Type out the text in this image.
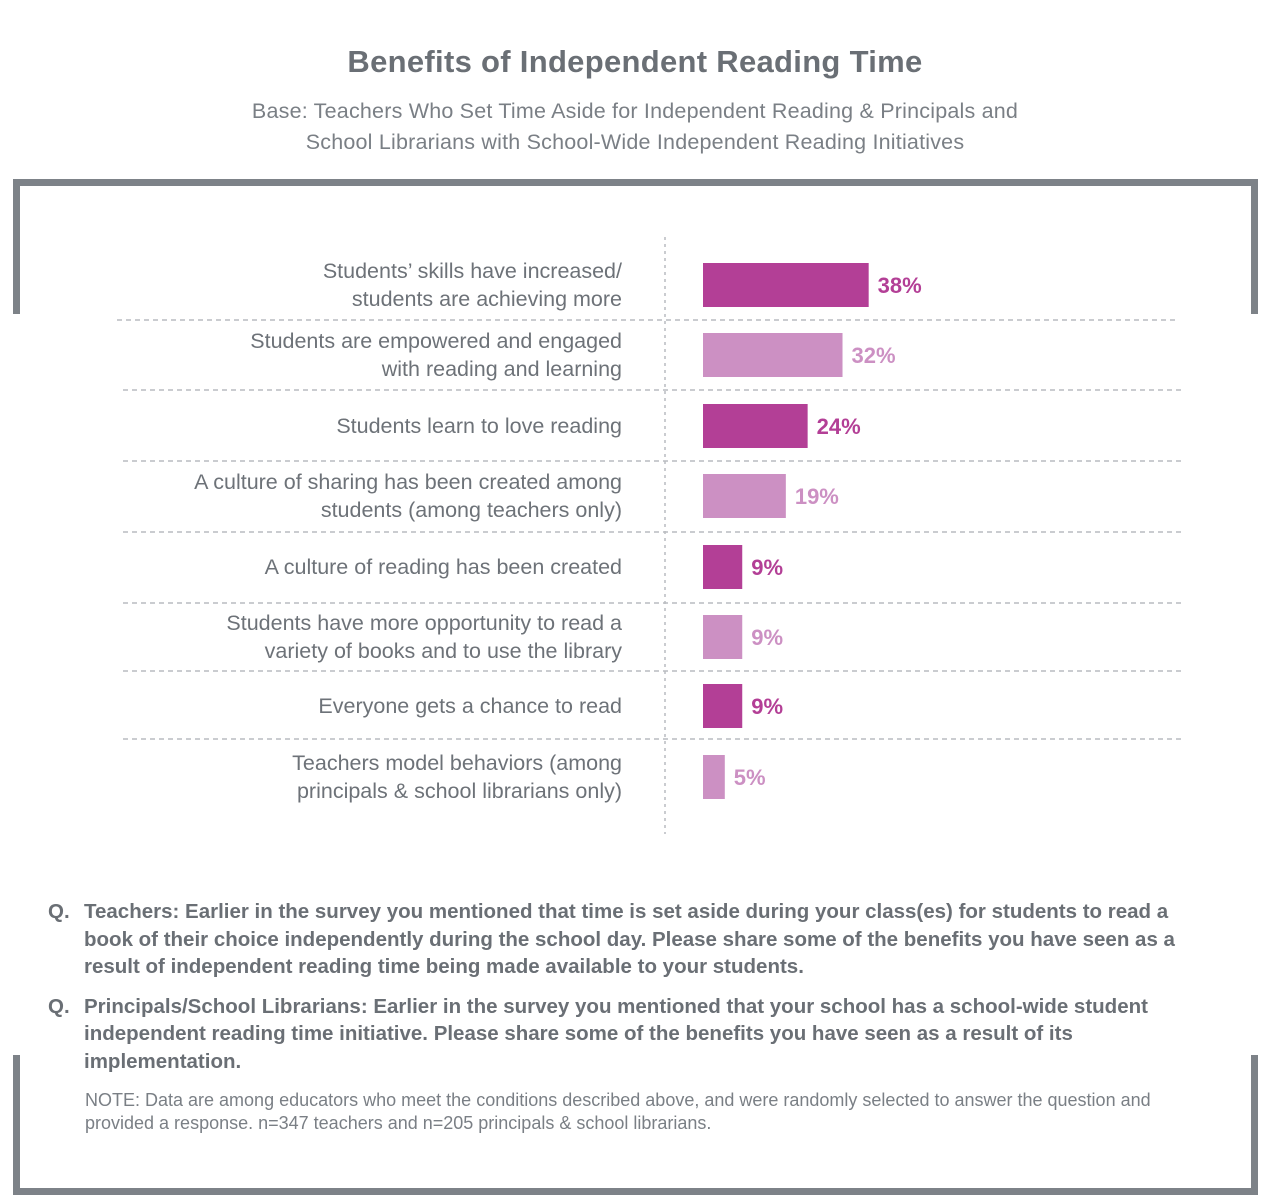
Benefits of Independent Reading Time
Base: Teachers Who Set Time Aside for Independent Reading & Principals and
School Librarians with School-Wide Independent Reading Initiatives
38%
32%
24%
19%
9%
9%
9%
5%
Students’ skills have increased/
students are achieving more
Students are empowered and engaged
with reading and learning
Students learn to love reading
A culture of sharing has been created among
students (among teachers only)
A culture of reading has been created
Students have more opportunity to read a
variety of books and to use the library
Everyone gets a chance to read
Teachers model behaviors (among
principals & school librarians only)
Q. Teachers: Earlier in the survey you mentioned that time is set aside during your class(es) for students to read a book of their choice independently during the school day. Please share some of the benefits you have seen as a result of independent reading time being made available to your students.
Q. Principals/School Librarians: Earlier in the survey you mentioned that your school has a school-wide student independent reading time initiative. Please share some of the benefits you have seen as a result of its implementation.
NOTE: Data are among educators who meet the conditions described above, and were randomly selected to answer the question and provided a response. n=347 teachers and n=205 principals & school librarians.
